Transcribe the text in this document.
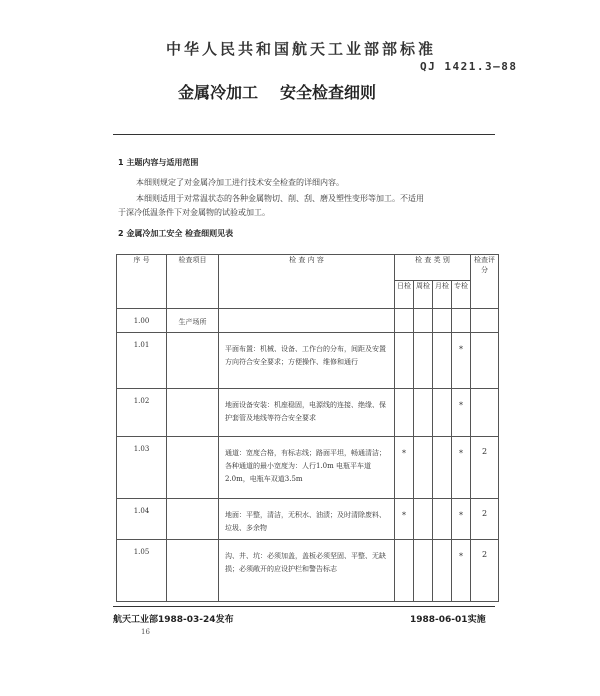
中华人民共和国航天工业部部标准
QJ 1421.3—88
金属冷加工 安全检查细则
1 主题内容与适用范围
本细则规定了对金属冷加工进行技术安全检查的详细内容。
本细则适用于对常温状态的各种金属物切、削、刮、磨及塑性变形等加工。不适用
于深冷低温条件下对金属物的试验或加工。
2 金属冷加工安全 检查细则见表
序 号	检查项目	检 查 内 容	检 查 类 别				检查评分
			日检	周检	月检	专检	
1.00	生产场所						
1.01		平面布置：机械、设备、工作台的分布，间距及安置方向符合安全要求；方便操作、维修和通行				*	
1.02		地面设备安装：机座稳固，电源线的连接、绝缘、保护套管及地线等符合安全要求				*	
1.03		通道：宽度合格，有标志线；路面平坦，畅通清洁；各种通道的最小宽度为：人行1.0m 电瓶平车道2.0m，电瓶车双道3.5m	*			*	2
1.04		地面：平整，清洁，无积水、油渍；及时清除废料、垃圾、多余物	*			*	2
1.05		沟、井、坑：必须加盖，盖板必须坚固、平整、无缺损；必须敞开的应设护栏和警告标志				*	2
航天工业部1988-03-24发布	1988-06-01实施
16
